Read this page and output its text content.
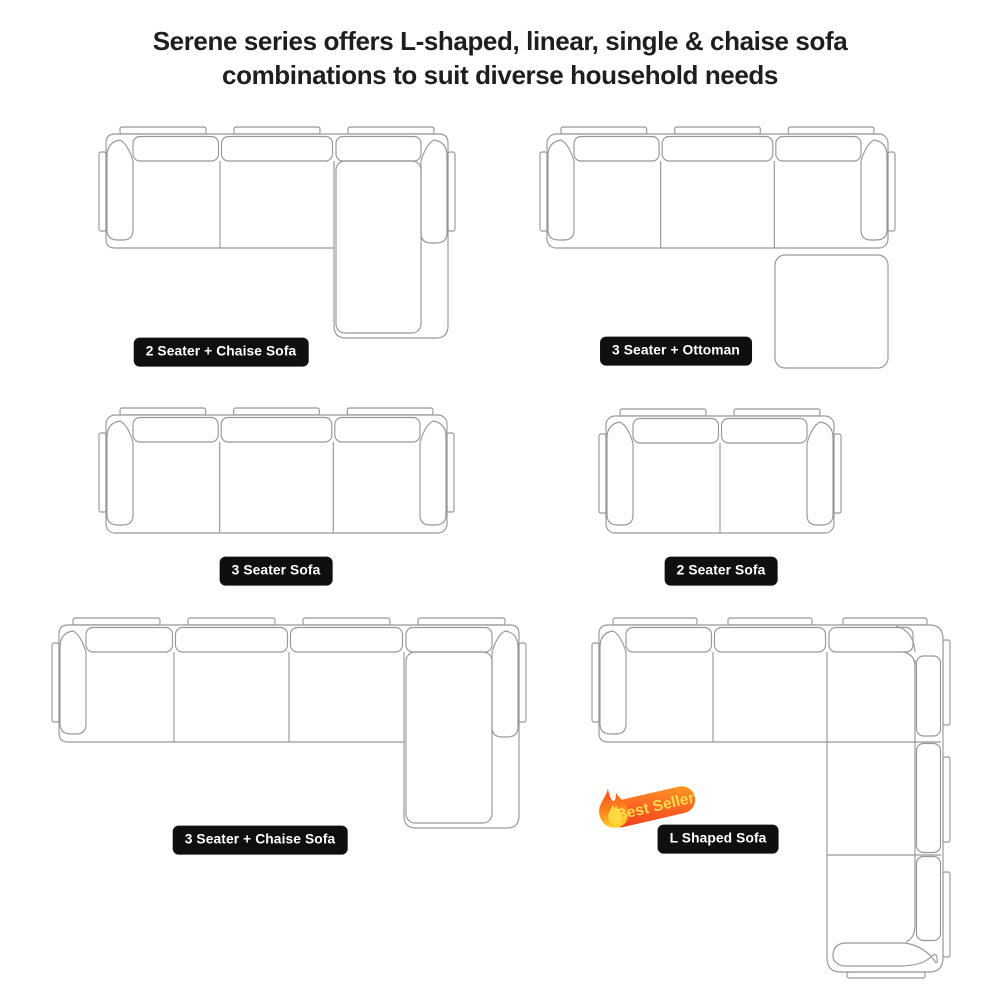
Serene series offers L-shaped, linear, single & chaise sofa
combinations to suit diverse household needs
2 Seater + Chaise Sofa	3 Seater + Ottoman
3 Seater Sofa	2 Seater Sofa
3 Seater + Chaise Sofa	L Shaped Sofa
Best Seller
